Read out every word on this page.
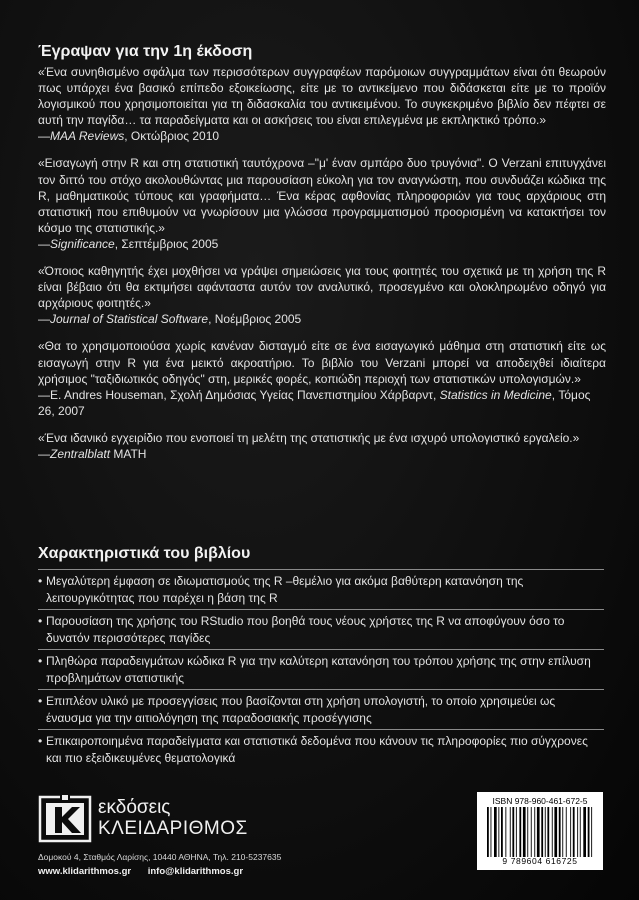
Έγραψαν για την 1η έκδοση

«Ένα συνηθισμένο σφάλμα των περισσότερων συγγραφέων παρόμοιων συγγραμμάτων είναι ότι θεωρούν πως υπάρχει ένα βασικό επίπεδο εξοικείωσης, είτε με το αντικείμενο που διδάσκεται είτε με το προϊόν λογισμικού που χρησιμοποιείται για τη διδασκαλία του αντικειμένου. Το συγκεκριμένο βιβλίο δεν πέφτει σε αυτή την παγίδα… τα παραδείγματα και οι ασκήσεις του είναι επιλεγμένα με εκπληκτικό τρόπο.»

—MAA Reviews, Οκτώβριος 2010

«Εισαγωγή στην R και στη στατιστική ταυτόχρονα –"μ' έναν σμπάρο δυο τρυγόνια". Ο Verzani επιτυγχάνει τον διττό του στόχο ακολουθώντας μια παρουσίαση εύκολη για τον αναγνώστη, που συνδυάζει κώδικα της R, μαθηματικούς τύπους και γραφήματα… Ένα κέρας αφθονίας πληροφοριών για τους αρχάριους στη στατιστική που επιθυμούν να γνωρίσουν μια γλώσσα προγραμματισμού προορισμένη να κατακτήσει τον κόσμο της στατιστικής.»

—Significance, Σεπτέμβριος 2005

«Όποιος καθηγητής έχει μοχθήσει να γράψει σημειώσεις για τους φοιτητές του σχετικά με τη χρήση της R είναι βέβαιο ότι θα εκτιμήσει αφάνταστα αυτόν τον αναλυτικό, προσεγμένο και ολοκληρωμένο οδηγό για αρχάριους φοιτητές.»

—Journal of Statistical Software, Νοέμβριος 2005

«Θα το χρησιμοποιούσα χωρίς κανέναν δισταγμό είτε σε ένα εισαγωγικό μάθημα στη στατιστική είτε ως εισαγωγή στην R για ένα μεικτό ακροατήριο. Το βιβλίο του Verzani μπορεί να αποδειχθεί ιδιαίτερα χρήσιμος "ταξιδιωτικός οδηγός" στη, μερικές φορές, κοπιώδη περιοχή των στατιστικών υπολογισμών.»

—E. Andres Houseman, Σχολή Δημόσιας Υγείας Πανεπιστημίου Χάρβαρντ, Statistics in Medicine, Τόμος 26, 2007

«Ένα ιδανικό εγχειρίδιο που ενοποιεί τη μελέτη της στατιστικής με ένα ισχυρό υπολογιστικό εργαλείο.»

—Zentralblatt MATH

Χαρακτηριστικά του βιβλίου
• Μεγαλύτερη έμφαση σε ιδιωματισμούς της R –θεμέλιο για ακόμα βαθύτερη κατανόηση της λειτουργικότητας που παρέχει η βάση της R
• Παρουσίαση της χρήσης του RStudio που βοηθά τους νέους χρήστες της R να αποφύγουν όσο το δυνατόν περισσότερες παγίδες
• Πληθώρα παραδειγμάτων κώδικα R για την καλύτερη κατανόηση του τρόπου χρήσης της στην επίλυση προβλημάτων στατιστικής
• Επιπλέον υλικό με προσεγγίσεις που βασίζονται στη χρήση υπολογιστή, το οποίο χρησιμεύει ως έναυσμα για την αιτιολόγηση της παραδοσιακής προσέγγισης
• Επικαιροποιημένα παραδείγματα και στατιστικά δεδομένα που κάνουν τις πληροφορίες πιο σύγχρονες και πιο εξειδικευμένες θεματολογικά
εκδόσεις
ΚΛΕΙΔΑΡΙΘΜΟΣ
Δομοκού 4, Σταθμός Λαρίσης, 10440 ΑΘΗΝΑ, Τηλ. 210-5237635
www.klidarithmos.gr info@klidarithmos.gr
ISBN 978-960-461-672-5
9 789604 616725
